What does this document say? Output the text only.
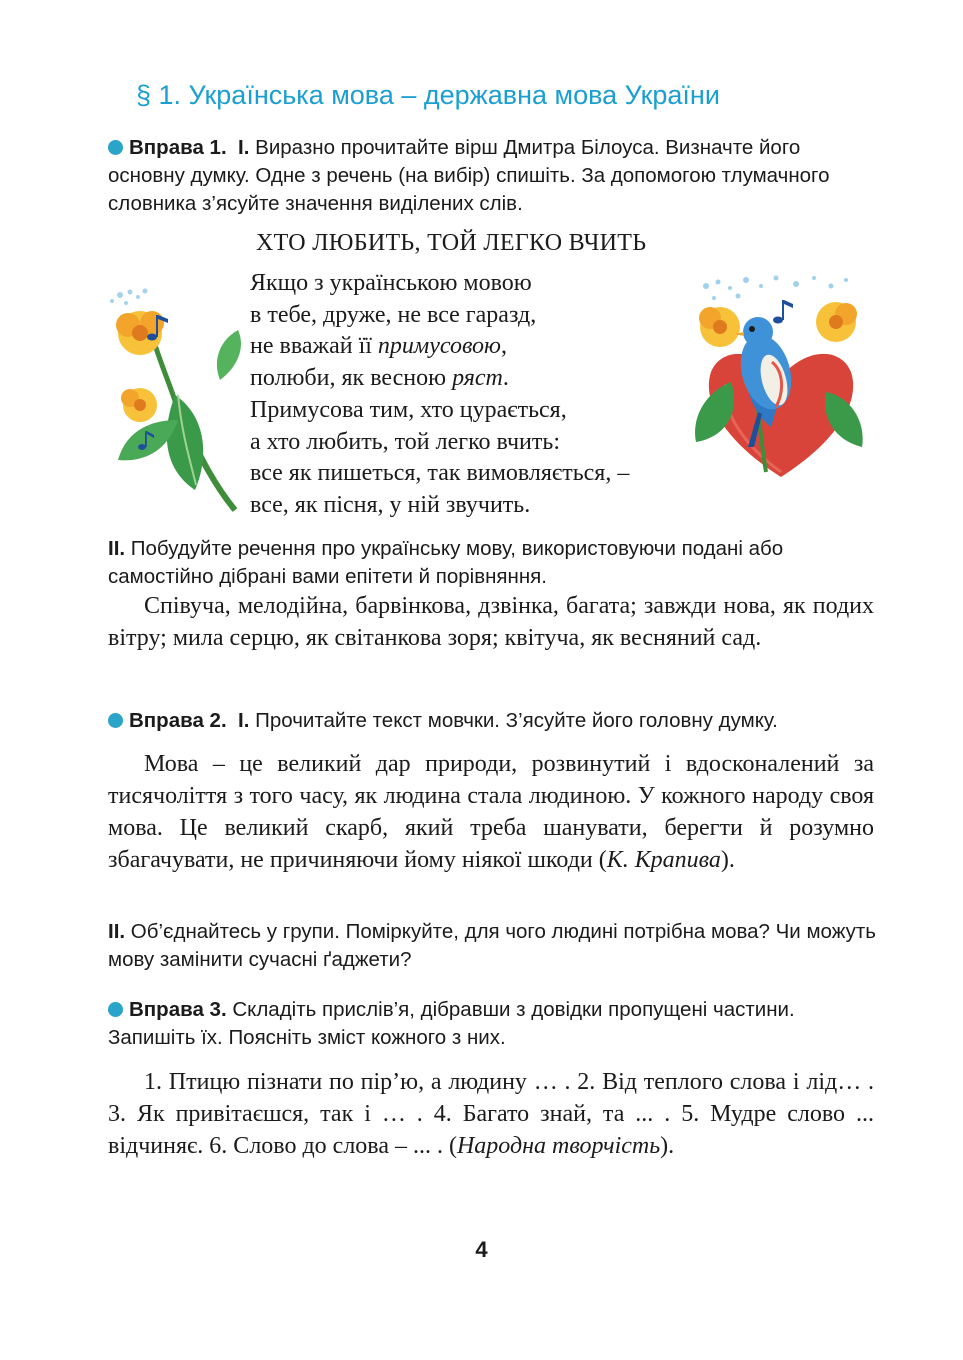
§ 1. Українська мова – державна мова України
Вправа 1. І. Виразно прочитайте вірш Дмитра Білоуса. Визначте його основну думку. Одне з речень (на вибір) спишіть. За допомогою тлумачного словника з’ясуйте значення виділених слів.
ХТО ЛЮБИТЬ, ТОЙ ЛЕГКО ВЧИТЬ
Якщо з українською мовою
в тебе, друже, не все гаразд,
не вважай її примусовою,
полюби, як весною ряст.
Примусова тим, хто цурається,
а хто любить, той легко вчить:
все як пишеться, так вимовляється, –
все, як пісня, у ній звучить.
ІІ. Побудуйте речення про українську мову, використовуючи подані або самостійно дібрані вами епітети й порівняння.
Співуча, мелодійна, барвінкова, дзвінка, багата; завжди нова, як подих вітру; мила серцю, як світанкова зоря; квітуча, як весняний сад.
Вправа 2. І. Прочитайте текст мовчки. З’ясуйте його головну думку.
Мова – це великий дар природи, розвинутий і вдосконалений за тисячоліття з того часу, як людина стала людиною. У кожного народу своя мова. Це великий скарб, який треба шанувати, берегти й розумно збагачувати, не причиняючи йому ніякої шкоди (К. Крапива).
ІІ. Об’єднайтесь у групи. Поміркуйте, для чого людині потрібна мова? Чи можуть мову замінити сучасні ґаджети?
Вправа 3. Складіть прислів’я, дібравши з довідки пропущені частини. Запишіть їх. Поясніть зміст кожного з них.
1. Птицю пізнати по пір’ю, а людину … . 2. Від теплого слова і лід… . 3. Як привітаєшся, так і … . 4. Багато знай, та ... . 5. Мудре слово ... відчиняє. 6. Слово до слова – ... . (Народна творчість).
4
